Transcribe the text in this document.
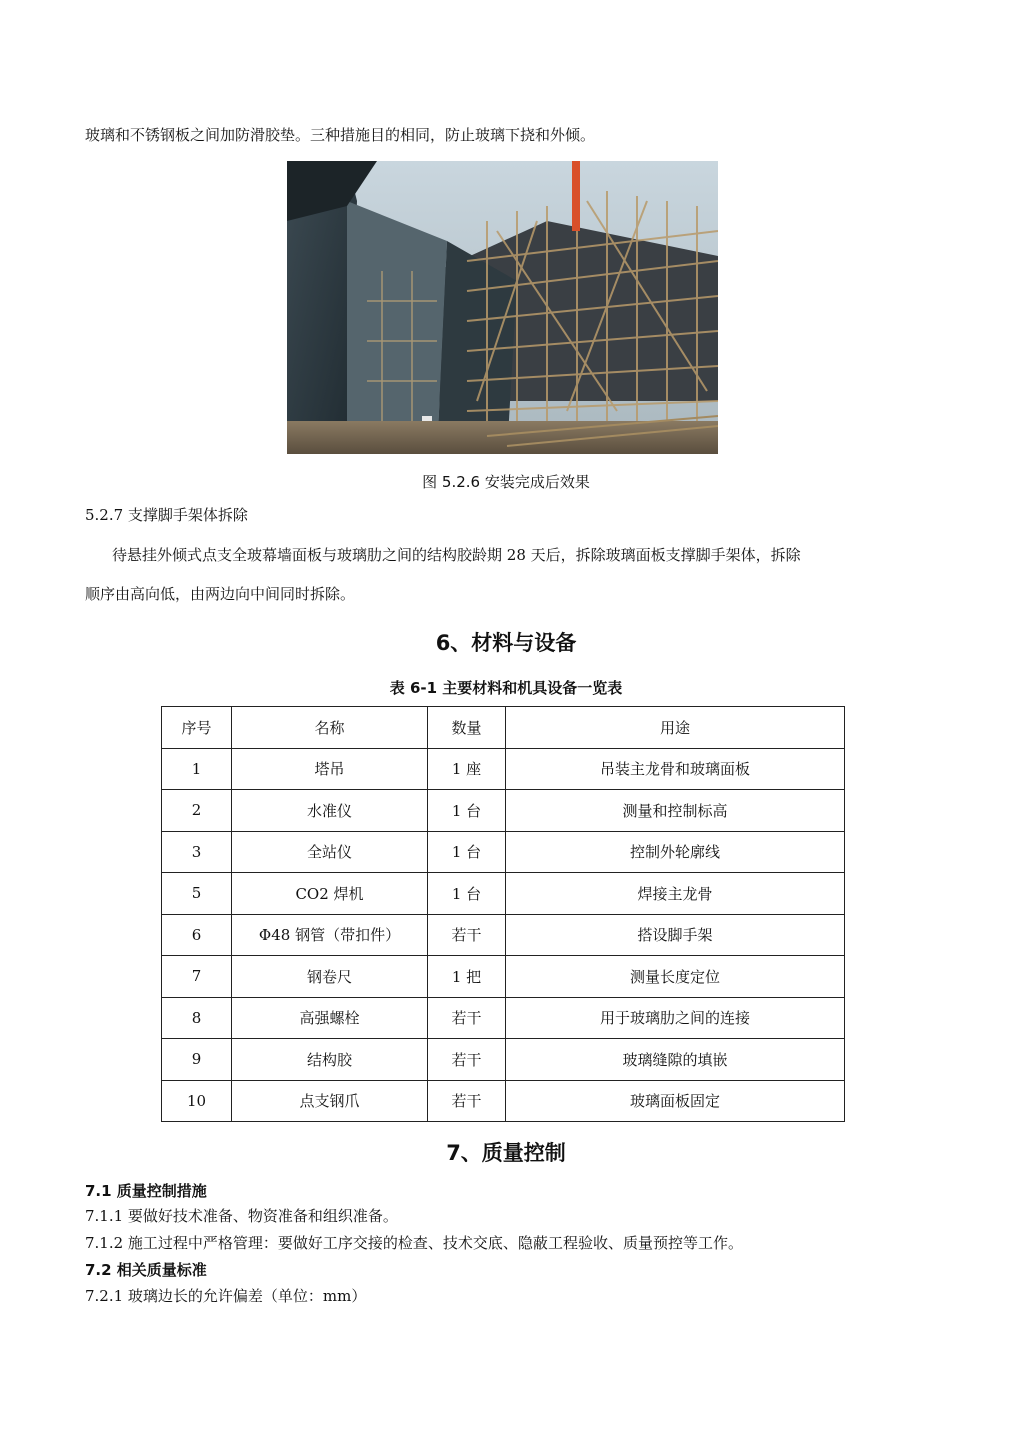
玻璃和不锈钢板之间加防滑胶垫。三种措施目的相同，防止玻璃下挠和外倾。
图 5.2.6 安装完成后效果
5.2.7 支撑脚手架体拆除
待悬挂外倾式点支全玻幕墙面板与玻璃肋之间的结构胶龄期 28 天后，拆除玻璃面板支撑脚手架体，拆除
顺序由高向低，由两边向中间同时拆除。
6、材料与设备
表 6-1 主要材料和机具设备一览表
序号	名称	数量	用途
1	塔吊	1 座	吊装主龙骨和玻璃面板
2	水准仪	1 台	测量和控制标高
3	全站仪	1 台	控制外轮廓线
5	CO2 焊机	1 台	焊接主龙骨
6	Φ48 钢管（带扣件）	若干	搭设脚手架
7	钢卷尺	1 把	测量长度定位
8	高强螺栓	若干	用于玻璃肋之间的连接
9	结构胶	若干	玻璃缝隙的填嵌
10	点支钢爪	若干	玻璃面板固定
7、质量控制
7.1 质量控制措施
7.1.1 要做好技术准备、物资准备和组织准备。
7.1.2 施工过程中严格管理：要做好工序交接的检查、技术交底、隐蔽工程验收、质量预控等工作。
7.2 相关质量标准
7.2.1 玻璃边长的允许偏差（单位：mm）
